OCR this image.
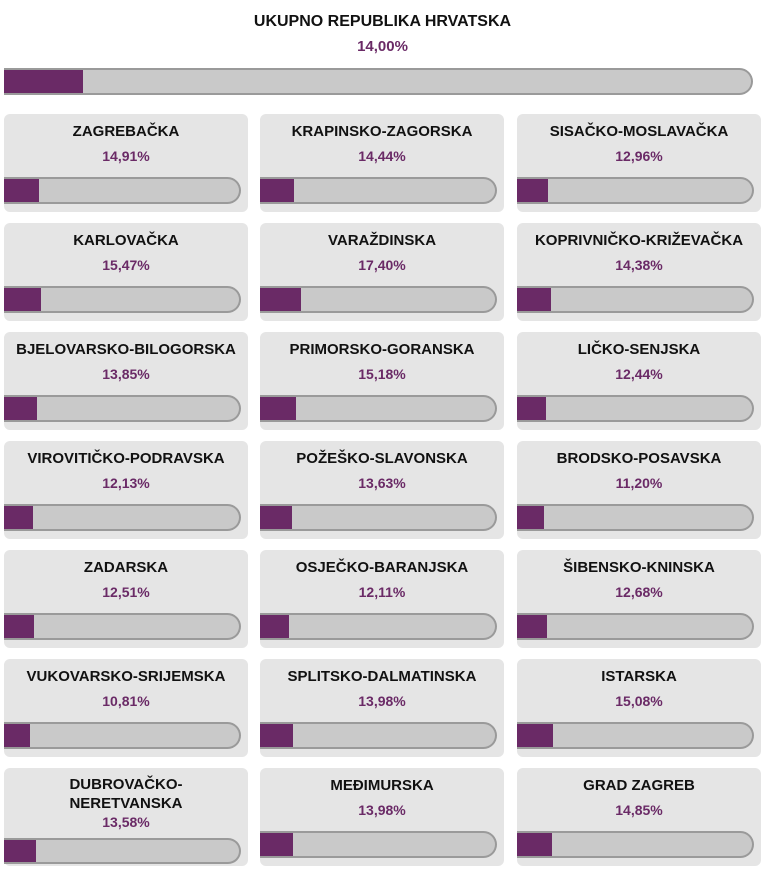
UKUPNO REPUBLIKA HRVATSKA
14,00%
ZAGREBAČKA
14,91%
KRAPINSKO-ZAGORSKA
14,44%
SISAČKO-MOSLAVAČKA
12,96%
KARLOVAČKA
15,47%
VARAŽDINSKA
17,40%
KOPRIVNIČKO-KRIŽEVAČKA
14,38%
BJELOVARSKO-BILOGORSKA
13,85%
PRIMORSKO-GORANSKA
15,18%
LIČKO-SENJSKA
12,44%
VIROVITIČKO-PODRAVSKA
12,13%
POŽEŠKO-SLAVONSKA
13,63%
BRODSKO-POSAVSKA
11,20%
ZADARSKA
12,51%
OSJEČKO-BARANJSKA
12,11%
ŠIBENSKO-KNINSKA
12,68%
VUKOVARSKO-SRIJEMSKA
10,81%
SPLITSKO-DALMATINSKA
13,98%
ISTARSKA
15,08%
DUBROVAČKO-NERETVANSKA
13,58%
MEĐIMURSKA
13,98%
GRAD ZAGREB
14,85%
